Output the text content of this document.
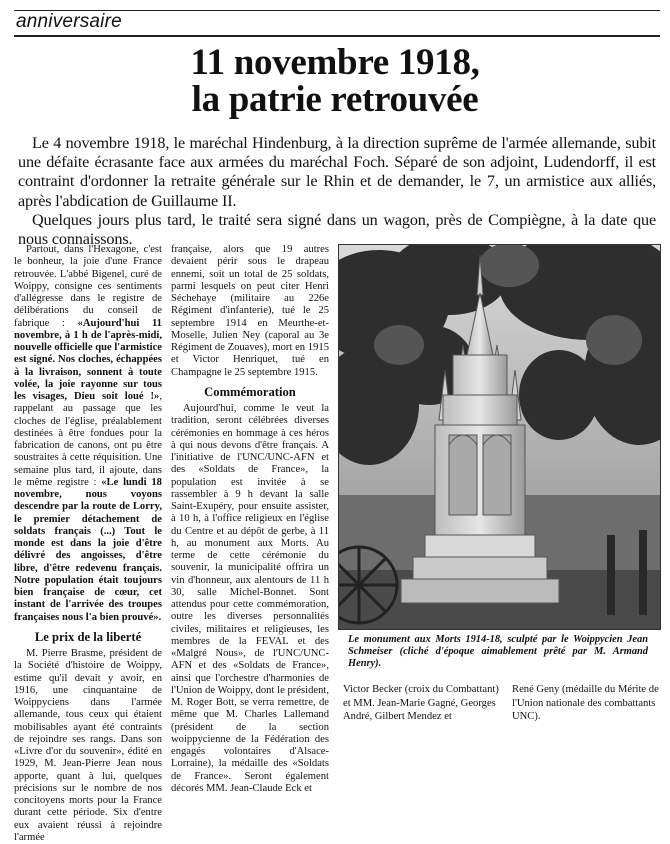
anniversaire
11 novembre 1918,
la patrie retrouvée

Le 4 novembre 1918, le maréchal Hindenburg, à la direction suprême de l'armée allemande, subit une défaite écrasante face aux armées du maréchal Foch. Séparé de son adjoint, Ludendorff, il est contraint d'ordonner la retraite générale sur le Rhin et de demander, le 7, un armistice aux alliés, après l'abdication de Guillaume II.

Quelques jours plus tard, le traité sera signé dans un wagon, près de Compiègne, à la date que nous connaissons.

Partout, dans l'Hexagone, c'est le bonheur, la joie d'une France retrouvée. L'abbé Bigenel, curé de Woippy, consigne ces sentiments d'allégresse dans le registre de délibérations du conseil de fabrique : «Aujourd'hui 11 novembre, à 1 h de l'après-midi, nouvelle officielle que l'armistice est signé. Nos cloches, échappées à la livraison, sonnent à toute volée, la joie rayonne sur tous les visages, Dieu soit loué !», rappelant au passage que les cloches de l'église, préalablement destinées à être fondues pour la fabrication de canons, ont pu être soustraites à cette réquisition. Une semaine plus tard, il ajoute, dans le même registre : «Le lundi 18 novembre, nous voyons descendre par la route de Lorry, le premier détachement de soldats français (...) Tout le monde est dans la joie d'être délivré des angoisses, d'être libre, d'être redevenu français. Notre population était toujours bien française de cœur, cet instant de l'arrivée des troupes françaises nous l'a bien prouvé».

Le prix de la liberté

M. Pierre Brasme, président de la Société d'histoire de Woippy, estime qu'il devait y avoir, en 1916, une cinquantaine de Woippyciens dans l'armée allemande, tous ceux qui étaient mobilisables ayant été contraints de rejoindre ses rangs. Dans son «Livre d'or du souvenir», édité en 1929, M. Jean-Pierre Jean nous apporte, quant à lui, quelques précisions sur le nombre de nos concitoyens morts pour la France durant cette période. Six d'entre eux avaient réussi à rejoindre l'armée

française, alors que 19 autres devaient périr sous le drapeau ennemi, soit un total de 25 soldats, parmi lesquels on peut citer Henri Séchehaye (militaire au 226e Régiment d'infanterie), tué le 25 septembre 1914 en Meurthe-et-Moselle, Julien Ney (caporal au 3e Régiment de Zouaves), mort en 1915 et Victor Henriquet, tué en Champagne le 25 septembre 1915.

Commémoration

Aujourd'hui, comme le veut la tradition, seront célébrées diverses cérémonies en hommage à ces héros à qui nous devons d'être français. A l'initiative de l'UNC/UNC-AFN et des «Soldats de France», la population est invitée à se rassembler à 9 h devant la salle Saint-Exupéry, pour ensuite assister, à 10 h, à l'office religieux en l'église du Centre et au dépôt de gerbe, à 11 h, au monument aux Morts. Au terme de cette cérémonie du souvenir, la municipalité offrira un vin d'honneur, aux alentours de 11 h 30, salle Michel-Bonnet. Sont attendus pour cette commémoration, outre les diverses personnalités civiles, militaires et religieuses, les membres de la FEVAL et des «Malgré Nous», de l'UNC/UNC-AFN et des «Soldats de France», ainsi que l'orchestre d'harmonies de l'Union de Woippy, dont le président, M. Roger Bott, se verra remettre, de même que M. Charles Lallemand (président de la section woippycienne de la Fédération des engagés volontaires d'Alsace-Lorraine), la médaille des «Soldats de France». Seront également décorés MM. Jean-Claude Eck et

Le monument aux Morts 1914-18, sculpté par le Woippycien Jean Schmeiser (cliché d'époque aimablement prêté par M. Armand Henry).
Victor Becker (croix du Combattant) et MM. Jean-Marie Gagné, Georges André, Gilbert Mendez et
René Geny (médaille du Mérite de l'Union nationale des combattants UNC).
